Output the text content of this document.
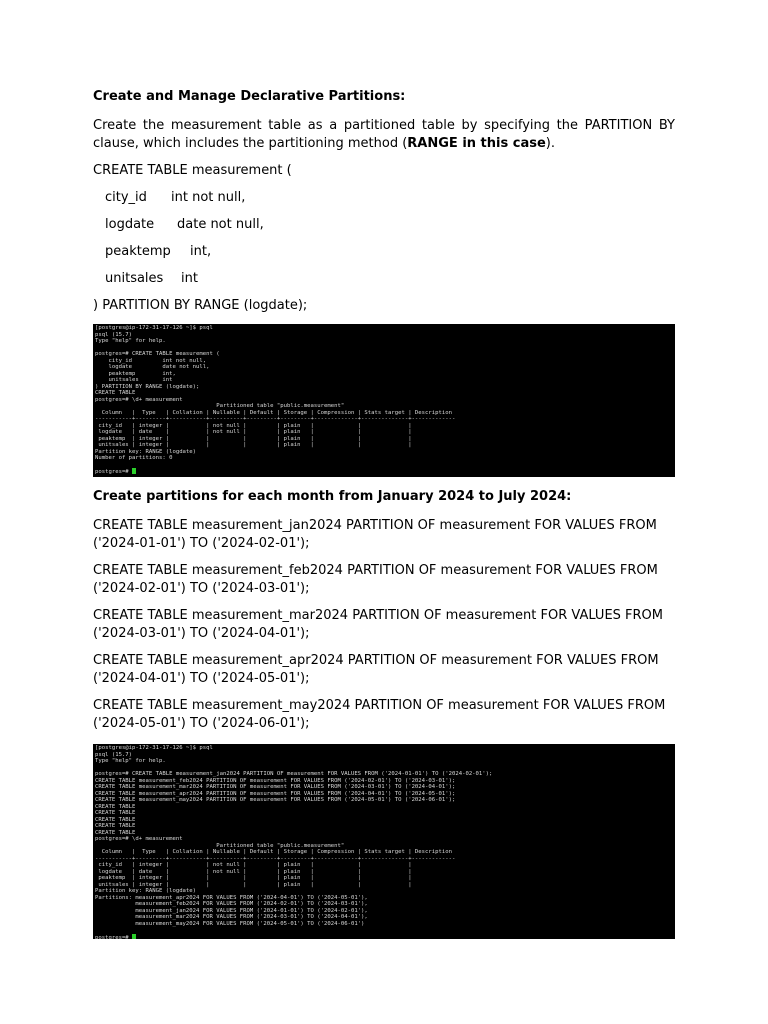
Create and Manage Declarative Partitions:

Create the measurement table as a partitioned table by specifying the PARTITION BY clause, which includes the partitioning method (RANGE in this case).

CREATE TABLE measurement (

city_id int not null,

logdate date not null,

peaktemp int,

unitsales int

) PARTITION BY RANGE (logdate);

[postgres@ip-172-31-17-126 ~]$ psql
psql (15.7)
Type "help" for help.
postgres=# CREATE TABLE measurement (
city_id         int not null,
logdate         date not null,
peaktemp        int,
unitsales       int
) PARTITION BY RANGE (logdate);
CREATE TABLE
postgres=# \d+ measurement
Partitioned table "public.measurement"
Column   |  Type   | Collation | Nullable | Default | Storage | Compression | Stats target | Description
-----------+---------+-----------+----------+---------+---------+-------------+--------------+-------------
city_id   | integer |           | not null |         | plain   |             |              |
logdate   | date    |           | not null |         | plain   |             |              |
peaktemp  | integer |           |          |         | plain   |             |              |
unitsales | integer |           |          |         | plain   |             |              |
Partition key: RANGE (logdate)
Number of partitions: 0
postgres=#

Create partitions for each month from January 2024 to July 2024:

CREATE TABLE measurement_jan2024 PARTITION OF measurement FOR VALUES FROM ('2024-01-01') TO ('2024-02-01');

CREATE TABLE measurement_feb2024 PARTITION OF measurement FOR VALUES FROM ('2024-02-01') TO ('2024-03-01');

CREATE TABLE measurement_mar2024 PARTITION OF measurement FOR VALUES FROM ('2024-03-01') TO ('2024-04-01');

CREATE TABLE measurement_apr2024 PARTITION OF measurement FOR VALUES FROM ('2024-04-01') TO ('2024-05-01');

CREATE TABLE measurement_may2024 PARTITION OF measurement FOR VALUES FROM ('2024-05-01') TO ('2024-06-01');

[postgres@ip-172-31-17-126 ~]$ psql
psql (15.7)
Type "help" for help.
postgres=# CREATE TABLE measurement_jan2024 PARTITION OF measurement FOR VALUES FROM ('2024-01-01') TO ('2024-02-01');
CREATE TABLE measurement_feb2024 PARTITION OF measurement FOR VALUES FROM ('2024-02-01') TO ('2024-03-01');
CREATE TABLE measurement_mar2024 PARTITION OF measurement FOR VALUES FROM ('2024-03-01') TO ('2024-04-01');
CREATE TABLE measurement_apr2024 PARTITION OF measurement FOR VALUES FROM ('2024-04-01') TO ('2024-05-01');
CREATE TABLE measurement_may2024 PARTITION OF measurement FOR VALUES FROM ('2024-05-01') TO ('2024-06-01');
CREATE TABLE
CREATE TABLE
CREATE TABLE
CREATE TABLE
CREATE TABLE
postgres=# \d+ measurement
Partitioned table "public.measurement"
Column   |  Type   | Collation | Nullable | Default | Storage | Compression | Stats target | Description
-----------+---------+-----------+----------+---------+---------+-------------+--------------+-------------
city_id   | integer |           | not null |         | plain   |             |              |
logdate   | date    |           | not null |         | plain   |             |              |
peaktemp  | integer |           |          |         | plain   |             |              |
unitsales | integer |           |          |         | plain   |             |              |
Partition key: RANGE (logdate)
Partitions: measurement_apr2024 FOR VALUES FROM ('2024-04-01') TO ('2024-05-01'),
measurement_feb2024 FOR VALUES FROM ('2024-02-01') TO ('2024-03-01'),
measurement_jan2024 FOR VALUES FROM ('2024-01-01') TO ('2024-02-01'),
measurement_mar2024 FOR VALUES FROM ('2024-03-01') TO ('2024-04-01'),
measurement_may2024 FOR VALUES FROM ('2024-05-01') TO ('2024-06-01')
postgres=#
